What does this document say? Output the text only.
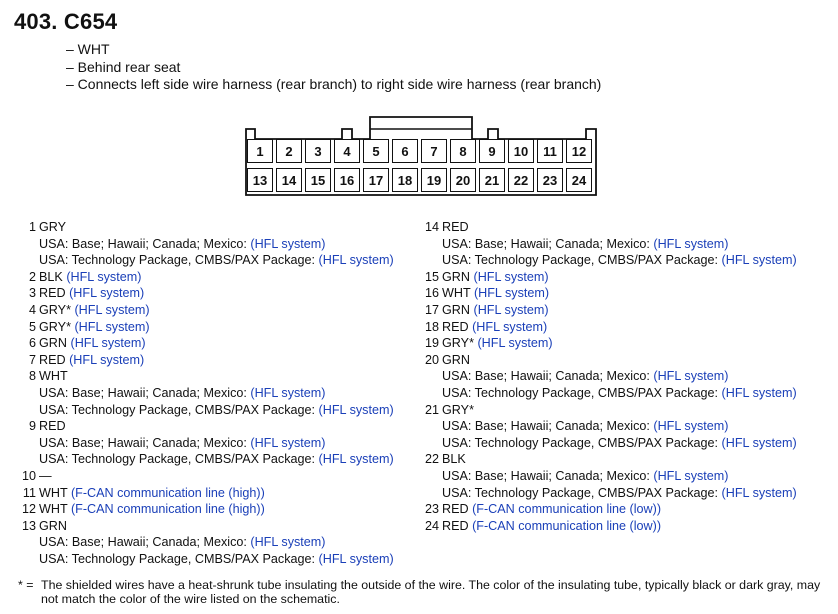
403. C654
– WHT
– Behind rear seat
– Connects left side wire harness (rear branch) to right side wire harness (rear branch)
1	2	3	4	5	6	7	8	9	10	11	12
13	14	15	16	17	18	19	20	21	22	23	24
1 GRY
USA: Base; Hawaii; Canada; Mexico: (HFL system)
USA: Technology Package, CMBS/PAX Package: (HFL system)
2 BLK (HFL system)
3 RED (HFL system)
4 GRY* (HFL system)
5 GRY* (HFL system)
6 GRN (HFL system)
7 RED (HFL system)
8 WHT
USA: Base; Hawaii; Canada; Mexico: (HFL system)
USA: Technology Package, CMBS/PAX Package: (HFL system)
9 RED
USA: Base; Hawaii; Canada; Mexico: (HFL system)
USA: Technology Package, CMBS/PAX Package: (HFL system)
10 —
11 WHT (F-CAN communication line (high))
12 WHT (F-CAN communication line (high))
13 GRN
USA: Base; Hawaii; Canada; Mexico: (HFL system)
USA: Technology Package, CMBS/PAX Package: (HFL system)
14 RED
USA: Base; Hawaii; Canada; Mexico: (HFL system)
USA: Technology Package, CMBS/PAX Package: (HFL system)
15 GRN (HFL system)
16 WHT (HFL system)
17 GRN (HFL system)
18 RED (HFL system)
19 GRY* (HFL system)
20 GRN
USA: Base; Hawaii; Canada; Mexico: (HFL system)
USA: Technology Package, CMBS/PAX Package: (HFL system)
21 GRY*
USA: Base; Hawaii; Canada; Mexico: (HFL system)
USA: Technology Package, CMBS/PAX Package: (HFL system)
22 BLK
USA: Base; Hawaii; Canada; Mexico: (HFL system)
USA: Technology Package, CMBS/PAX Package: (HFL system)
23 RED (F-CAN communication line (low))
24 RED (F-CAN communication line (low))
* = The shielded wires have a heat-shrunk tube insulating the outside of the wire. The color of the insulating tube, typically black or dark gray, may not match the color of the wire listed on the schematic.
